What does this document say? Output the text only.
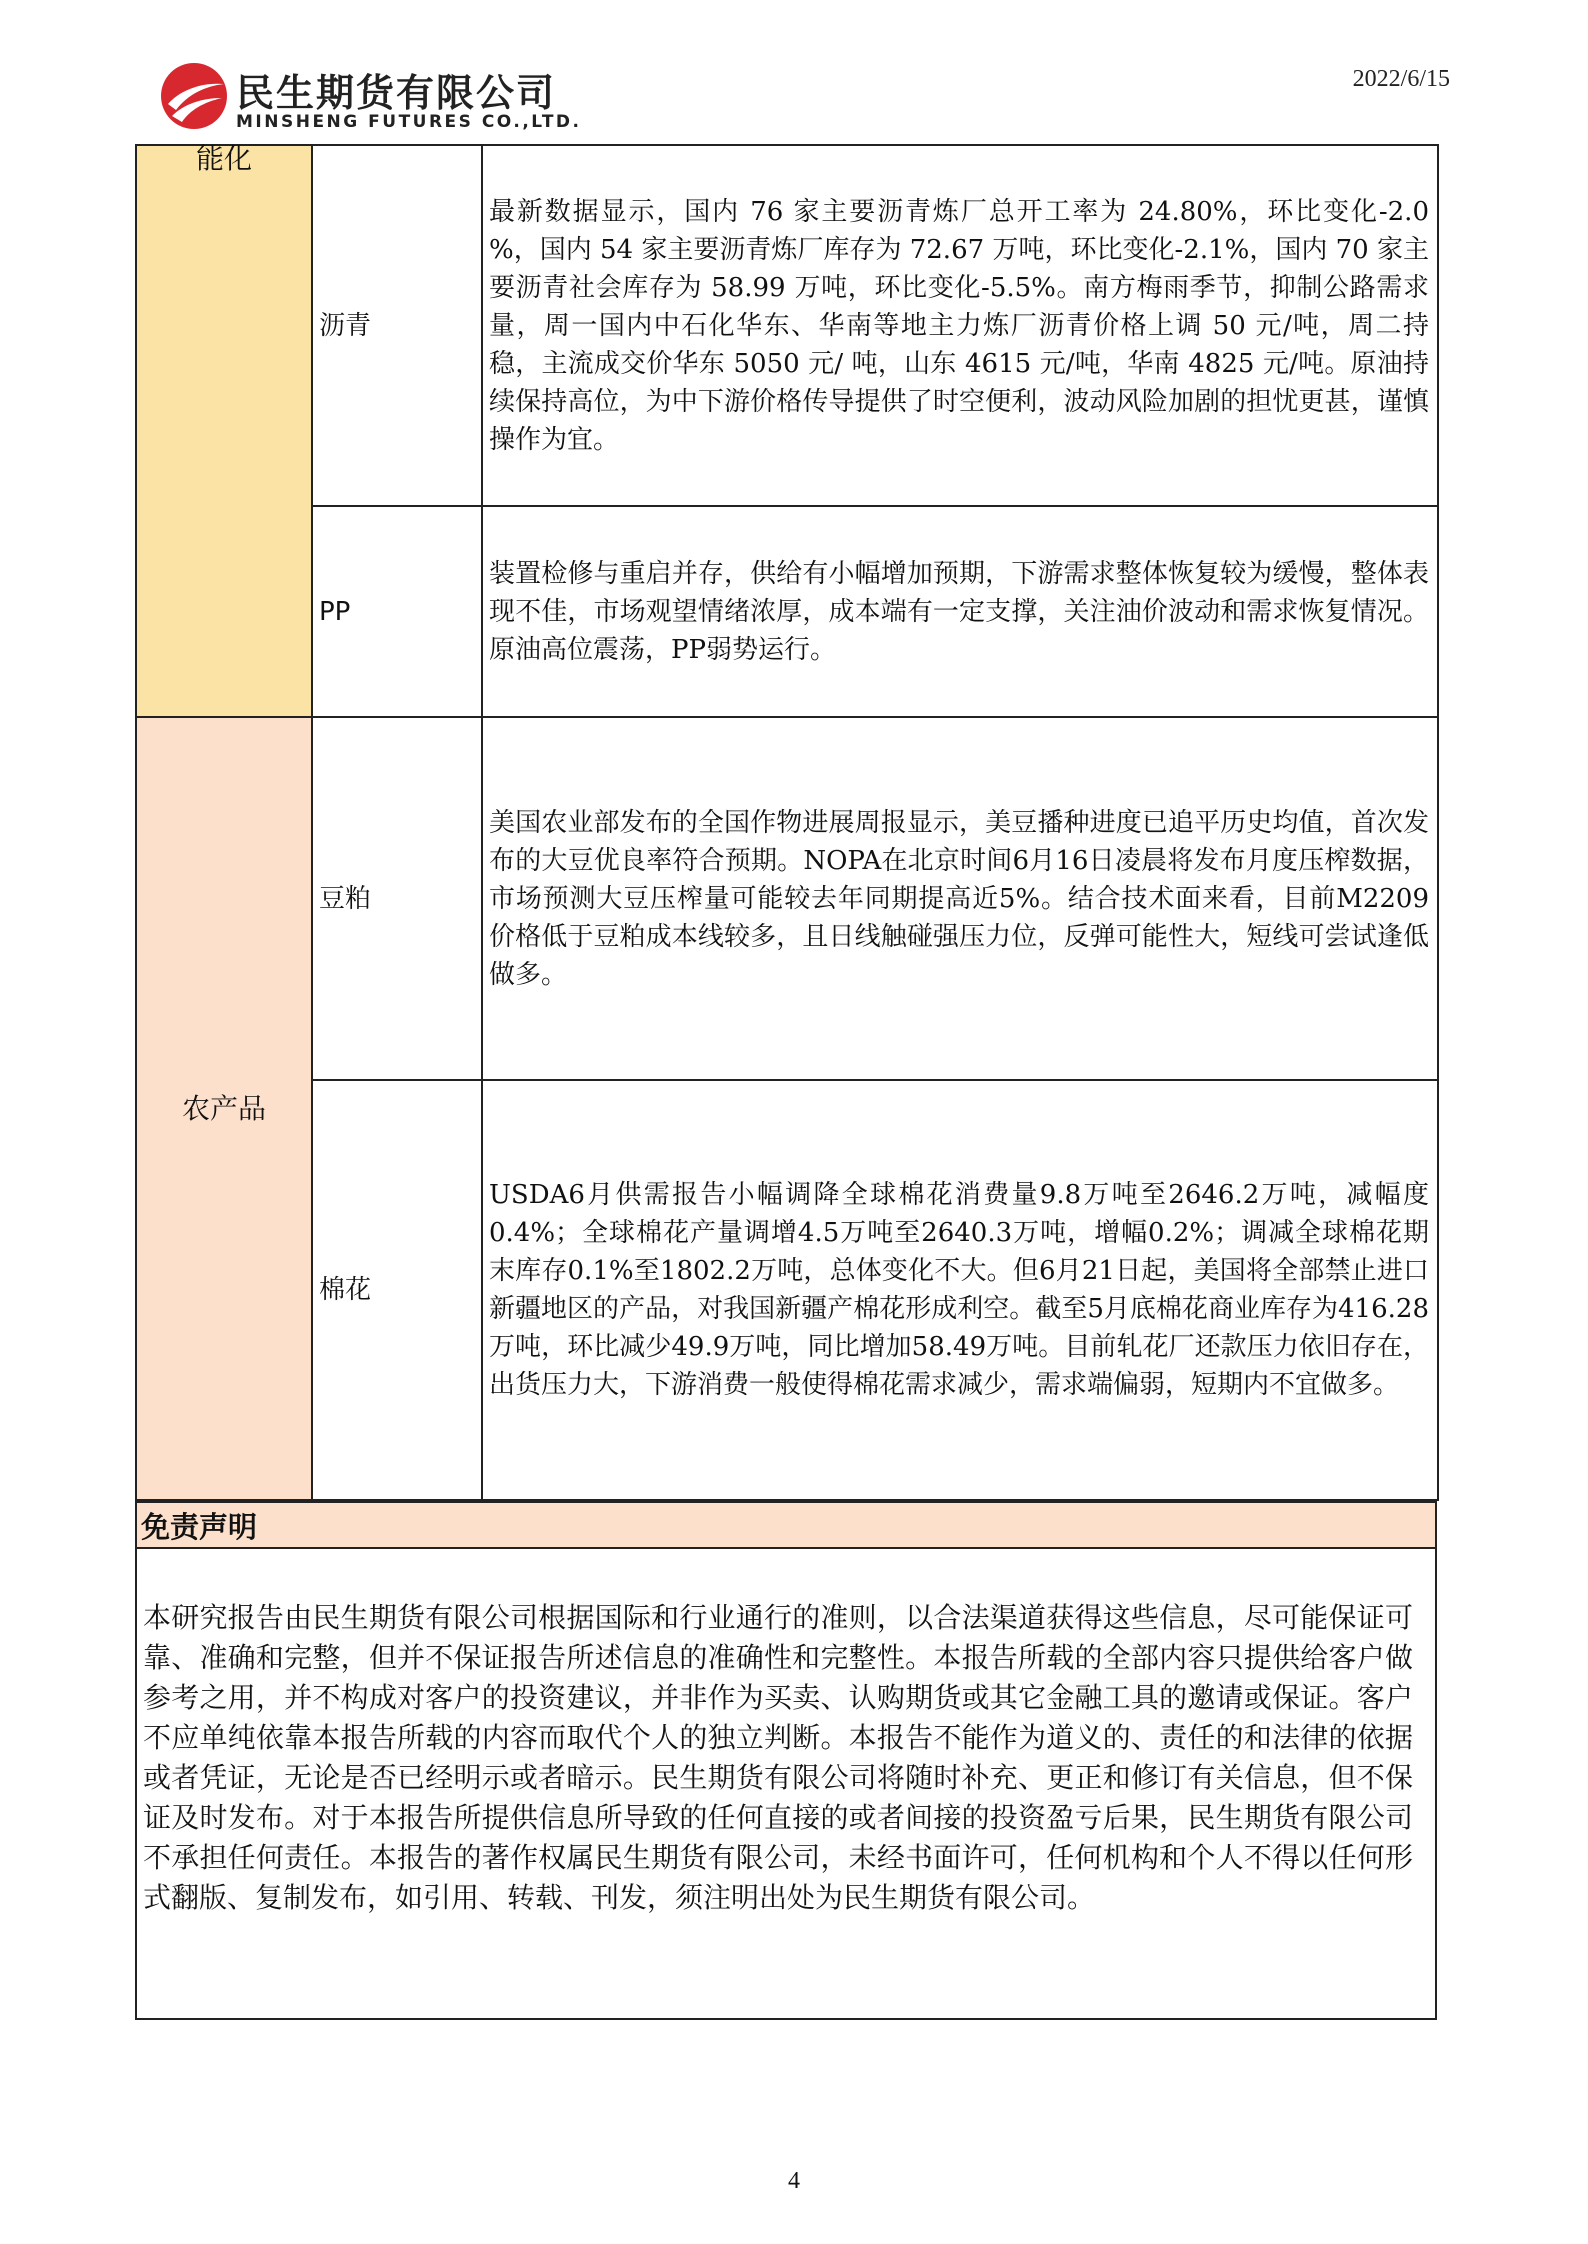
民生期货有限公司
MINSHENG FUTURES CO.,LTD.
2022/6/15
能化	沥青	最新数据显示，国内 76 家主要沥青炼厂总开工率为 24.80%，环比变化-2.0 %，国内 54 家主要沥青炼厂库存为 72.67 万吨，环比变化-2.1%，国内 70 家主要沥青社会库存为 58.99 万吨，环比变化-5.5%。南方梅雨季节，抑制公路需求量，周一国内中石化华东、华南等地主力炼厂沥青价格上调 50 元/吨，周二持稳，主流成交价华东 5050 元/ 吨，山东 4615 元/吨，华南 4825 元/吨。原油持续保持高位，为中下游价格传导提供了时空便利，波动风险加剧的担忧更甚，谨慎操作为宜。
	PP	装置检修与重启并存，供给有小幅增加预期，下游需求整体恢复较为缓慢，整体表现不佳，市场观望情绪浓厚，成本端有一定支撑，关注油价波动和需求恢复情况。原油高位震荡，PP弱势运行。

农产品	豆粕	美国农业部发布的全国作物进展周报显示，美豆播种进度已追平历史均值，首次发布的大豆优良率符合预期。NOPA在北京时间6月16日凌晨将发布月度压榨数据，市场预测大豆压榨量可能较去年同期提高近5%。结合技术面来看，目前M2209价格低于豆粕成本线较多，且日线触碰强压力位，反弹可能性大，短线可尝试逢低做多。
	棉花	USDA6月供需报告小幅调降全球棉花消费量9.8万吨至2646.2万吨，减幅度0.4%；全球棉花产量调增4.5万吨至2640.3万吨，增幅0.2%；调减全球棉花期末库存0.1%至1802.2万吨，总体变化不大。但6月21日起，美国将全部禁止进口新疆地区的产品，对我国新疆产棉花形成利空。截至5月底棉花商业库存为416.28万吨，环比减少49.9万吨，同比增加58.49万吨。目前轧花厂还款压力依旧存在，出货压力大，下游消费一般使得棉花需求减少，需求端偏弱，短期内不宜做多。
免责声明

本研究报告由民生期货有限公司根据国际和行业通行的准则，以合法渠道获得这些信息，尽可能保证可靠、准确和完整，但并不保证报告所述信息的准确性和完整性。本报告所载的全部内容只提供给客户做参考之用，并不构成对客户的投资建议，并非作为买卖、认购期货或其它金融工具的邀请或保证。客户不应单纯依靠本报告所载的内容而取代个人的独立判断。本报告不能作为道义的、责任的和法律的依据或者凭证，无论是否已经明示或者暗示。民生期货有限公司将随时补充、更正和修订有关信息，但不保证及时发布。对于本报告所提供信息所导致的任何直接的或者间接的投资盈亏后果，民生期货有限公司不承担任何责任。本报告的著作权属民生期货有限公司，未经书面许可，任何机构和个人不得以任何形式翻版、复制发布，如引用、转载、刊发，须注明出处为民生期货有限公司。

4
